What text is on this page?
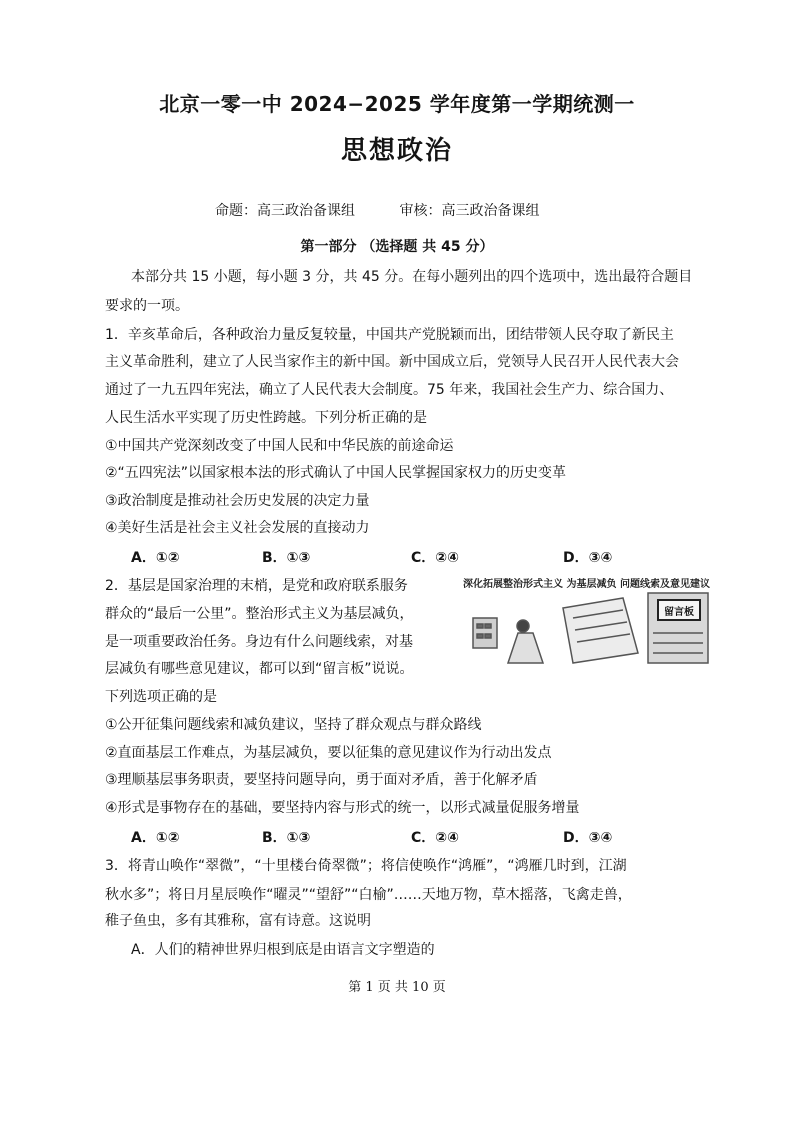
北京一零一中 2024−2025 学年度第一学期统测一
思想政治
命题：高三政治备课组	审核：高三政治备课组
第一部分 （选择题 共 45 分）
本部分共 15 小题，每小题 3 分，共 45 分。在每小题列出的四个选项中，选出最符合题目
要求的一项。
1．辛亥革命后，各种政治力量反复较量，中国共产党脱颖而出，团结带领人民夺取了新民主
主义革命胜利，建立了人民当家作主的新中国。新中国成立后，党领导人民召开人民代表大会
通过了一九五四年宪法，确立了人民代表大会制度。75 年来，我国社会生产力、综合国力、
人民生活水平实现了历史性跨越。下列分析正确的是
①中国共产党深刻改变了中国人民和中华民族的前途命运
②“五四宪法”以国家根本法的形式确认了中国人民掌握国家权力的历史变革
③政治制度是推动社会历史发展的决定力量
④美好生活是社会主义社会发展的直接动力
A．①②	B．①③	C．②④	D．③④
2．基层是国家治理的末梢，是党和政府联系服务
群众的“最后一公里”。整治形式主义为基层减负，
是一项重要政治任务。身边有什么问题线索，对基
层减负有哪些意见建议，都可以到“留言板”说说。
下列选项正确的是
深化拓展整治形式主义 为基层减负 问题线索及意见建议
留言板
①公开征集问题线索和减负建议，坚持了群众观点与群众路线
②直面基层工作难点，为基层减负，要以征集的意见建议作为行动出发点
③理顺基层事务职责，要坚持问题导向，勇于面对矛盾，善于化解矛盾
④形式是事物存在的基础，要坚持内容与形式的统一，以形式减量促服务增量
A．①②	B．①③	C．②④	D．③④
3．将青山唤作“翠微”，“十里楼台倚翠微”；将信使唤作“鸿雁”，“鸿雁几时到，江湖
秋水多”；将日月星辰唤作“曜灵”“望舒”“白榆”……天地万物，草木摇落，飞禽走兽，
稚子鱼虫，多有其雅称，富有诗意。这说明
A．人们的精神世界归根到底是由语言文字塑造的
第 1 页 共 10 页
